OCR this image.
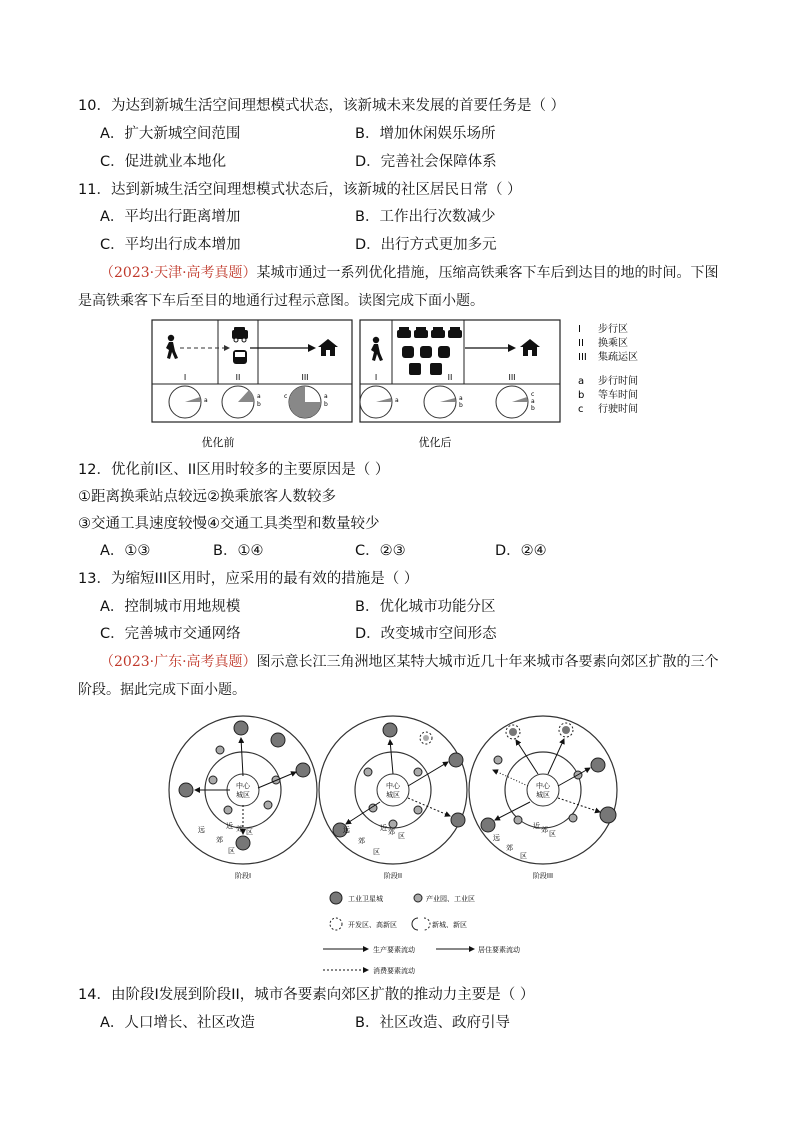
10．为达到新城生活空间理想模式状态，该新城未来发展的首要任务是（ ）
A．扩大新城空间范围	B．增加休闲娱乐场所
C．促进就业本地化	D．完善社会保障体系
11．达到新城生活空间理想模式状态后，该新城的社区居民日常（ ）
A．平均出行距离增加	B．工作出行次数减少
C．平均出行成本增加	D．出行方式更加多元
（2023·天津·高考真题）某城市通过一系列优化措施，压缩高铁乘客下车后到达目的地的时间。下图
是高铁乘客下车后至目的地通行过程示意图。读图完成下面小题。
I	II	III
a
a
b
c	a
b
优化前
I	II	III
a	a
b
c
a
b
优化后
I 步行区
II 换乘区
III 集疏运区
a 步行时间
b 等车时间
c 行驶时间
12．优化前I区、II区用时较多的主要原因是（ ）
①距离换乘站点较远②换乘旅客人数较多
③交通工具速度较慢④交通工具类型和数量较少
A．①③	B．①④	C．②③	D．②④
13．为缩短III区用时，应采用的最有效的措施是（ ）
A．控制城市用地规模	B．优化城市功能分区
C．完善城市交通网络	D．改变城市空间形态
（2023·广东·高考真题）图示意长江三角洲地区某特大城市近几十年来城市各要素向郊区扩散的三个
阶段。据此完成下面小题。
中心
城区
近 郊 区
远
郊
区
阶段I
中心
城区
近 郊 区
远
郊
区
阶段II
中心
城区
近 郊 区
远
郊
区
阶段III
工业卫星城	产业园、工业区
开发区、高新区	新城、新区
生产要素流动	居住要素流动
消费要素流动
14．由阶段I发展到阶段II，城市各要素向郊区扩散的推动力主要是（ ）
A．人口增长、社区改造	B．社区改造、政府引导
